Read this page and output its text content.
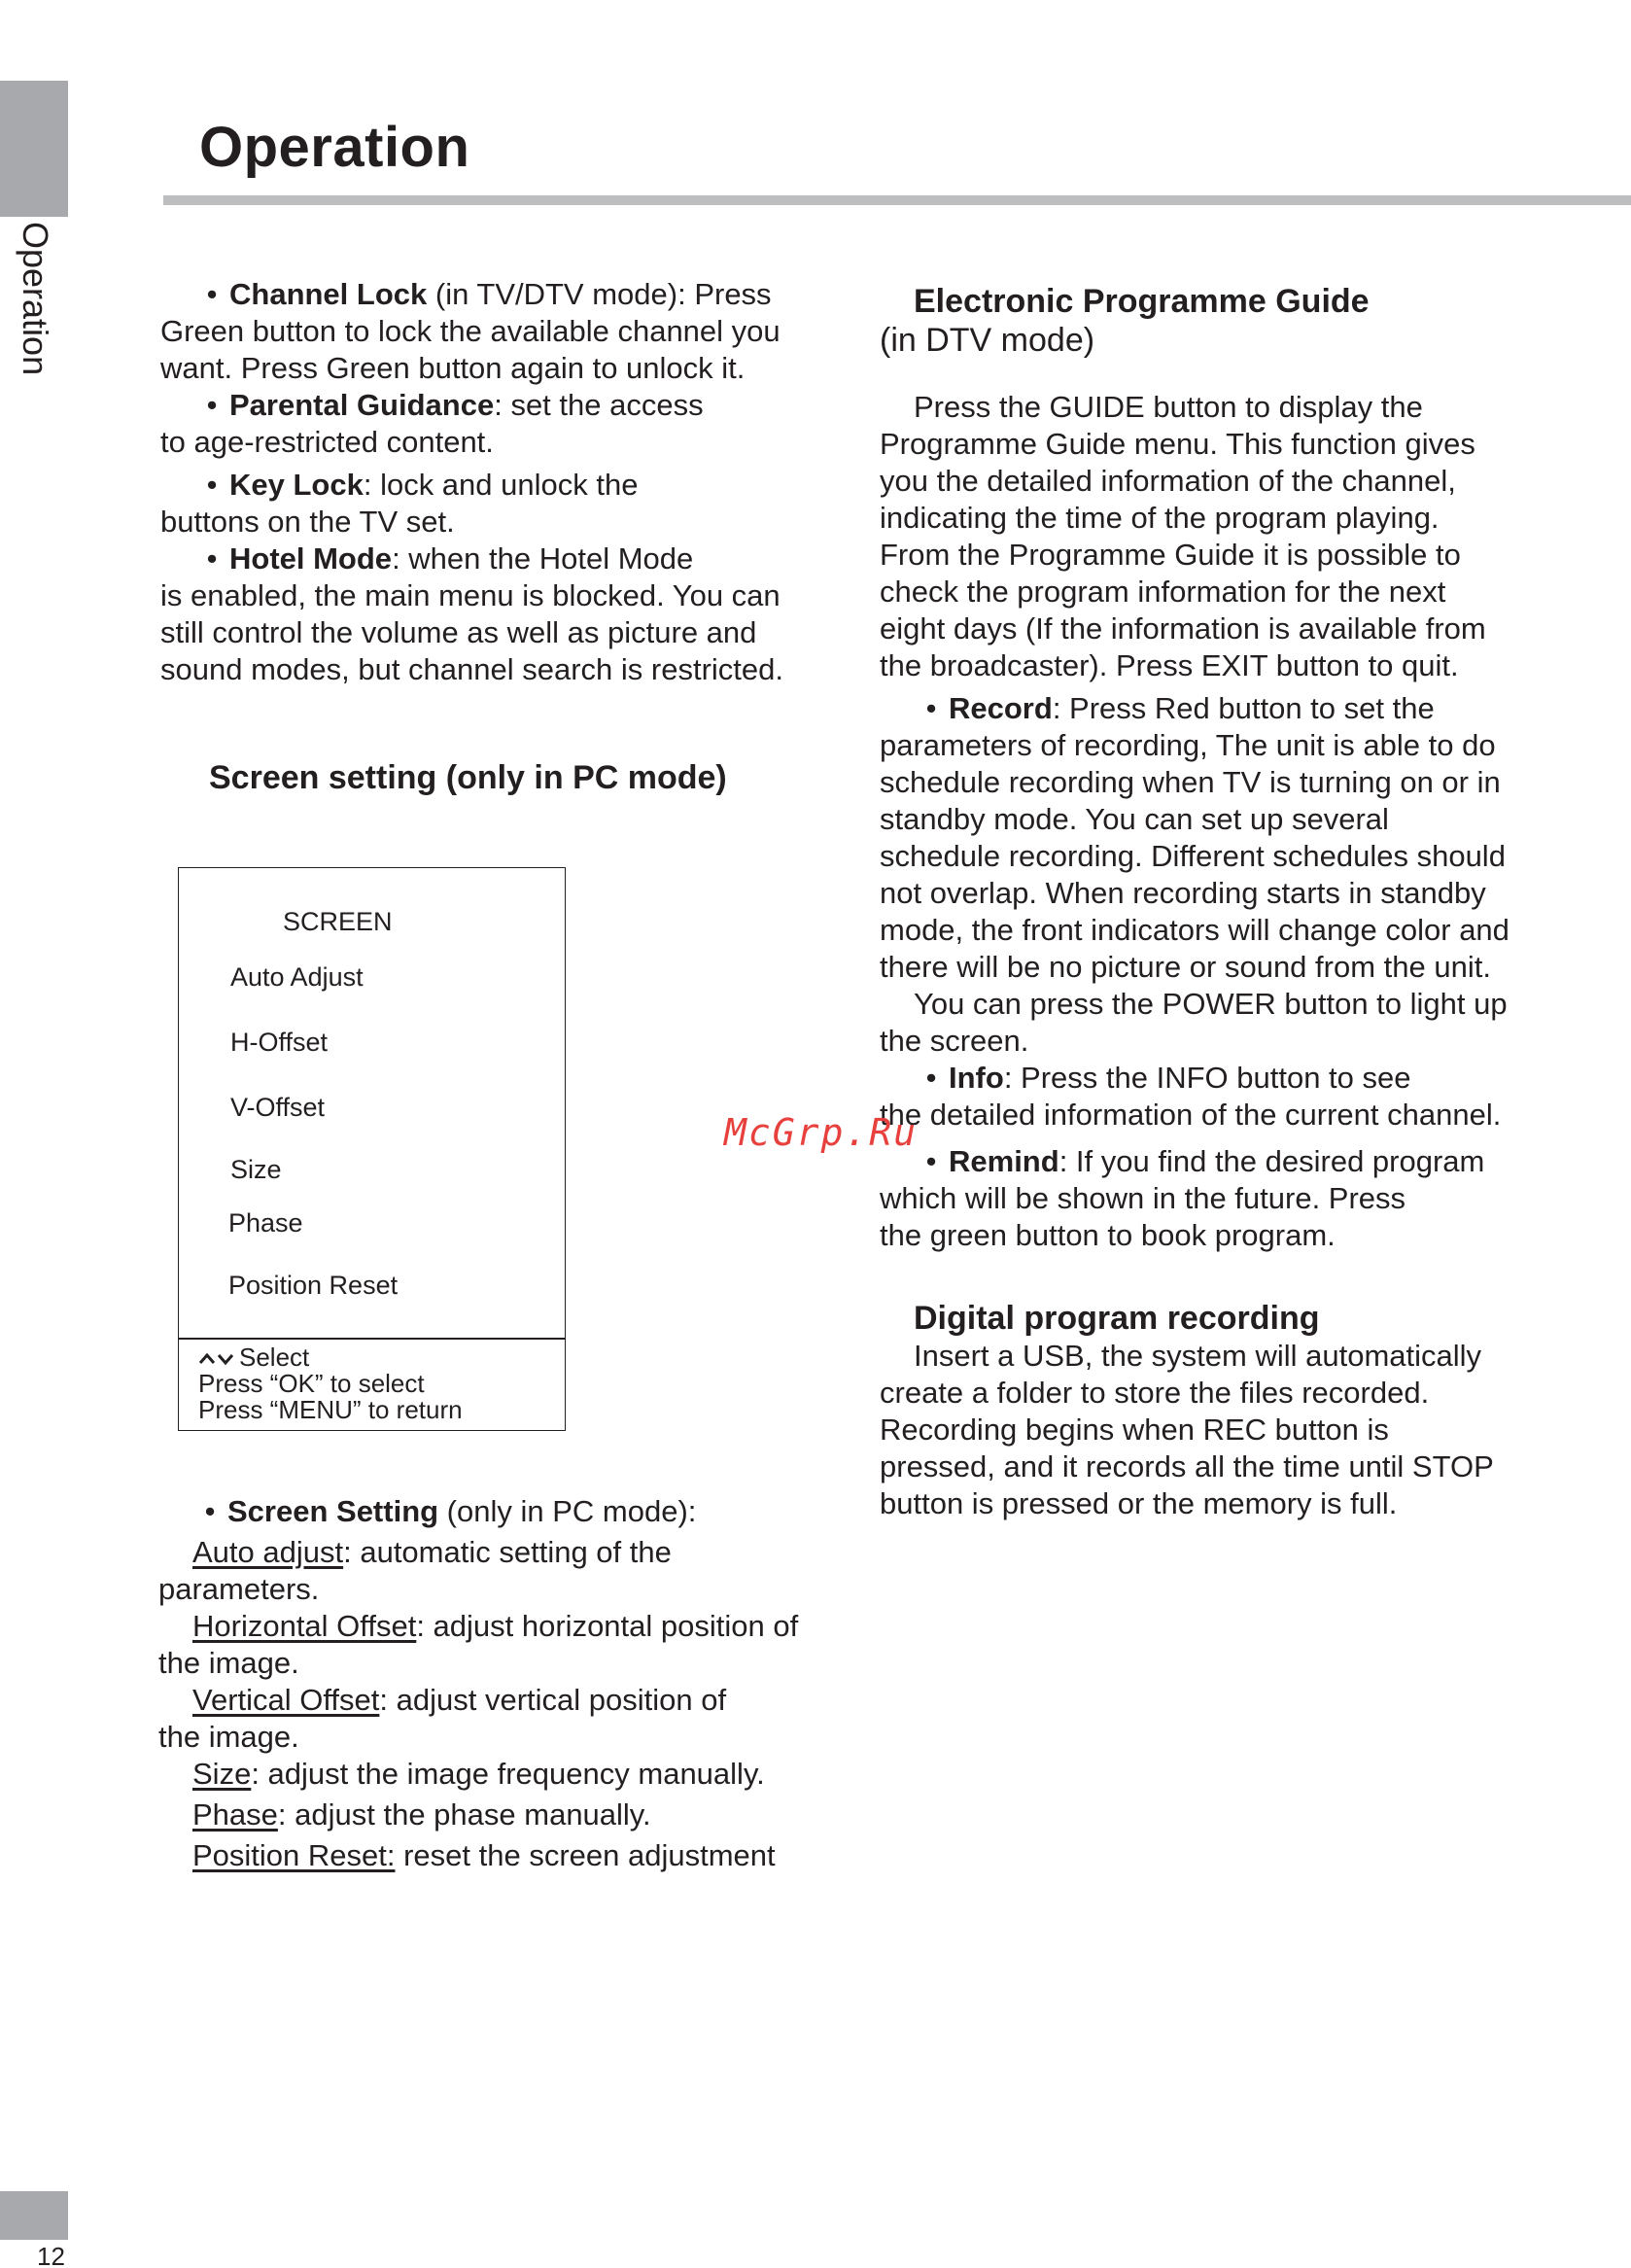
Operation
Operation

• Channel Lock (in TV/DTV mode): Press

Green button to lock the available channel you

want. Press Green button again to unlock it.

• Parental Guidance: set the access

to age-restricted content.

• Key Lock: lock and unlock the

buttons on the TV set.

• Hotel Mode: when the Hotel Mode

is enabled, the main menu is blocked. You can

still control the volume as well as picture and

sound modes, but channel search is restricted.

Screen setting (only in PC mode)

SCREEN
Auto Adjust
H-Offset
V-Offset
Size
Phase
Position Reset
Select
Press “OK” to select
Press “MENU” to return

• Screen Setting (only in PC mode):

Auto adjust: automatic setting of the

parameters.

Horizontal Offset: adjust horizontal position of

the image.

Vertical Offset: adjust vertical position of

the image.

Size: adjust the image frequency manually.

Phase: adjust the phase manually.

Position Reset: reset the screen adjustment

Electronic Programme Guide

(in DTV mode)

Press the GUIDE button to display the

Programme Guide menu. This function gives

you the detailed information of the channel,

indicating the time of the program playing.

From the Programme Guide it is possible to

check the program information for the next

eight days (If the information is available from

the broadcaster). Press EXIT button to quit.

• Record: Press Red button to set the

parameters of recording, The unit is able to do

schedule recording when TV is turning on or in

standby mode. You can set up several

schedule recording. Different schedules should

not overlap. When recording starts in standby

mode, the front indicators will change color and

there will be no picture or sound from the unit.

You can press the POWER button to light up

the screen.

• Info: Press the INFO button to see

the detailed information of the current channel.

• Remind: If you find the desired program

which will be shown in the future. Press

the green button to book program.

Digital program recording

Insert a USB, the system will automatically

create a folder to store the files recorded.

Recording begins when REC button is

pressed, and it records all the time until STOP

button is pressed or the memory is full.

McGrp.Ru
12
